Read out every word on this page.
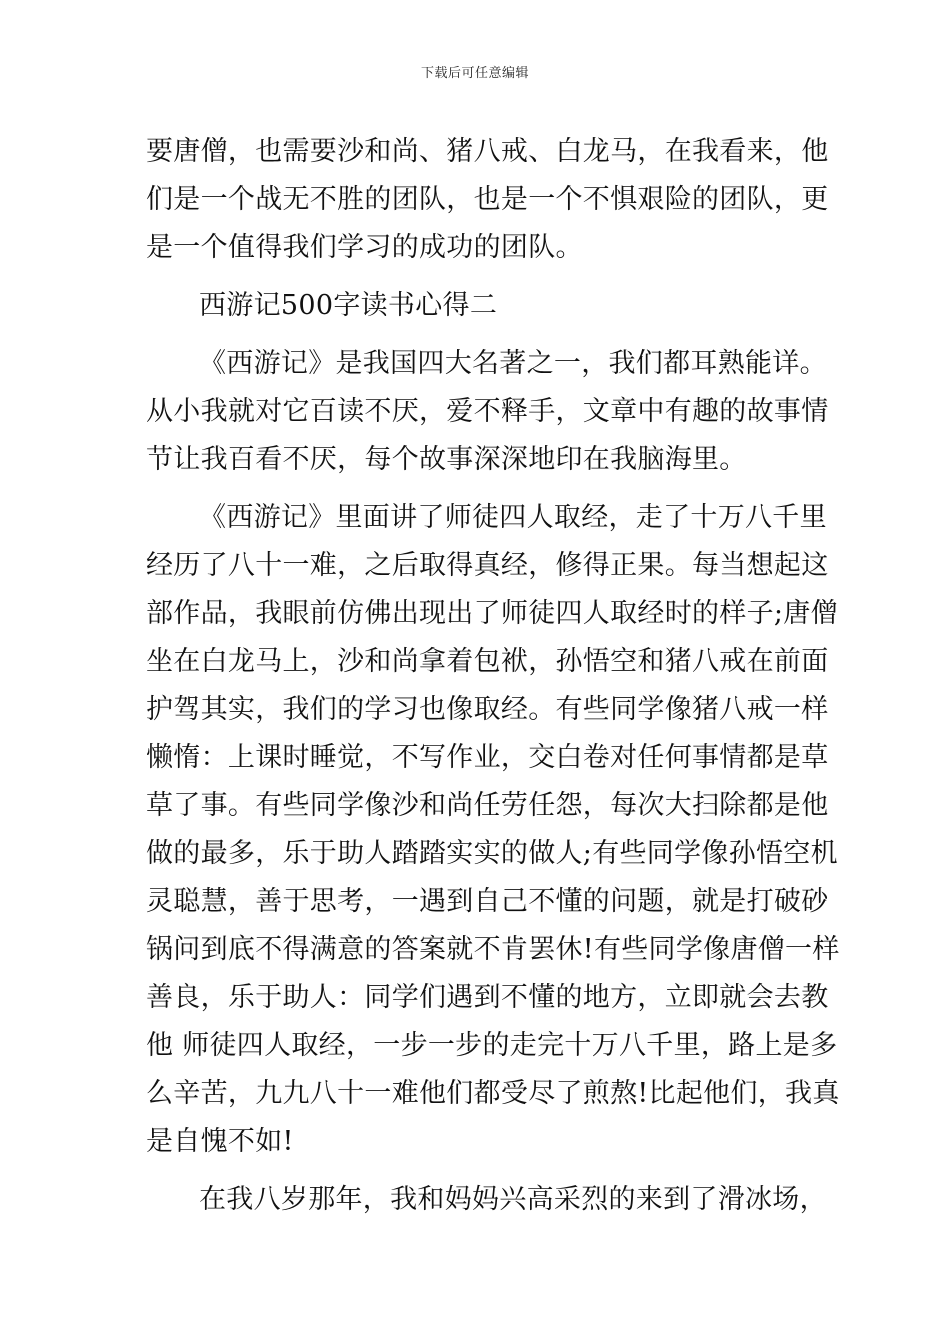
下载后可任意编辑
要唐僧，也需要沙和尚、猪八戒、白龙马，在我看来，他
们是一个战无不胜的团队，也是一个不惧艰险的团队，更
是一个值得我们学习的成功的团队。
西游记500字读书心得二
《西游记》是我国四大名著之一，我们都耳熟能详。
从小我就对它百读不厌，爱不释手，文章中有趣的故事情
节让我百看不厌，每个故事深深地印在我脑海里。
《西游记》里面讲了师徒四人取经，走了十万八千里
经历了八十一难，之后取得真经，修得正果。每当想起这
部作品，我眼前仿佛出现出了师徒四人取经时的样子;唐僧
坐在白龙马上，沙和尚拿着包袱，孙悟空和猪八戒在前面
护驾其实，我们的学习也像取经。有些同学像猪八戒一样
懒惰：上课时睡觉，不写作业，交白卷对任何事情都是草
草了事。有些同学像沙和尚任劳任怨，每次大扫除都是他
做的最多，乐于助人踏踏实实的做人;有些同学像孙悟空机
灵聪慧，善于思考，一遇到自己不懂的问题，就是打破砂
锅问到底不得满意的答案就不肯罢休!有些同学像唐僧一样
善良，乐于助人：同学们遇到不懂的地方，立即就会去教
他 师徒四人取经，一步一步的走完十万八千里，路上是多
么辛苦，九九八十一难他们都受尽了煎熬!比起他们，我真
是自愧不如!
在我八岁那年，我和妈妈兴高采烈的来到了滑冰场，
